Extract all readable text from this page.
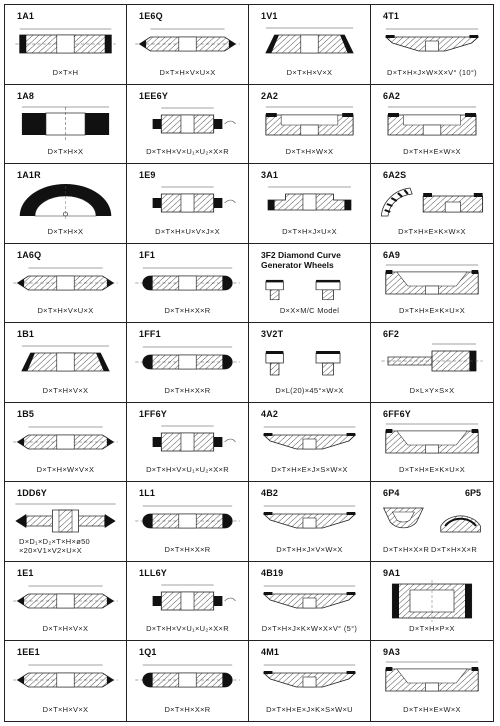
1A1
D×T×H
1E6Q
D×T×H×V×U×X
1V1
D×T×H×V×X
4T1
D×T×H×J×W×X×V° (10°)
1A8
D×T×H×X
1EE6Y
D×T×H×V×U₁×U₂×X×R
2A2
D×T×H×W×X
6A2
D×T×H×E×W×X
1A1R
D×T×H×X
1E9
D×T×H×U×V×J×X
3A1
D×T×H×J×U×X
6A2S
D×T×H×E×K×W×X
1A6Q
D×T×H×V×U×X
1F1
D×T×H×X×R
3F2 Diamond Curve Generator Wheels
D×X×M/C Model
6A9
D×T×H×E×K×U×X
1B1
D×T×H×V×X
1FF1
D×T×H×X×R
3V2T
D×L(20)×45°×W×X
6F2
D×L×Y×S×X
1B5
D×T×H×W×V×X
1FF6Y
D×T×H×V×U₁×U₂×X×R
4A2
D×T×H×E×J×S×W×X
6FF6Y
D×T×H×E×K×U×X
1DD6Y
D×D₁×D₂×T×H×ø50
×20×V1×V2×U×X
1L1
D×T×H×X×R
4B2
D×T×H×J×V×W×X
6P4	6P5
D×T×H×X×R D×T×H×X×R
1E1
D×T×H×V×X
1LL6Y
D×T×H×V×U₁×U₂×X×R
4B19
D×T×H×J×K×W×X×V° (5°)
9A1
D×T×H×P×X
1EE1
D×T×H×V×X
1Q1
D×T×H×X×R
4M1
D×T×H×E×J×K×S×W×U
9A3
D×T×H×E×W×X
